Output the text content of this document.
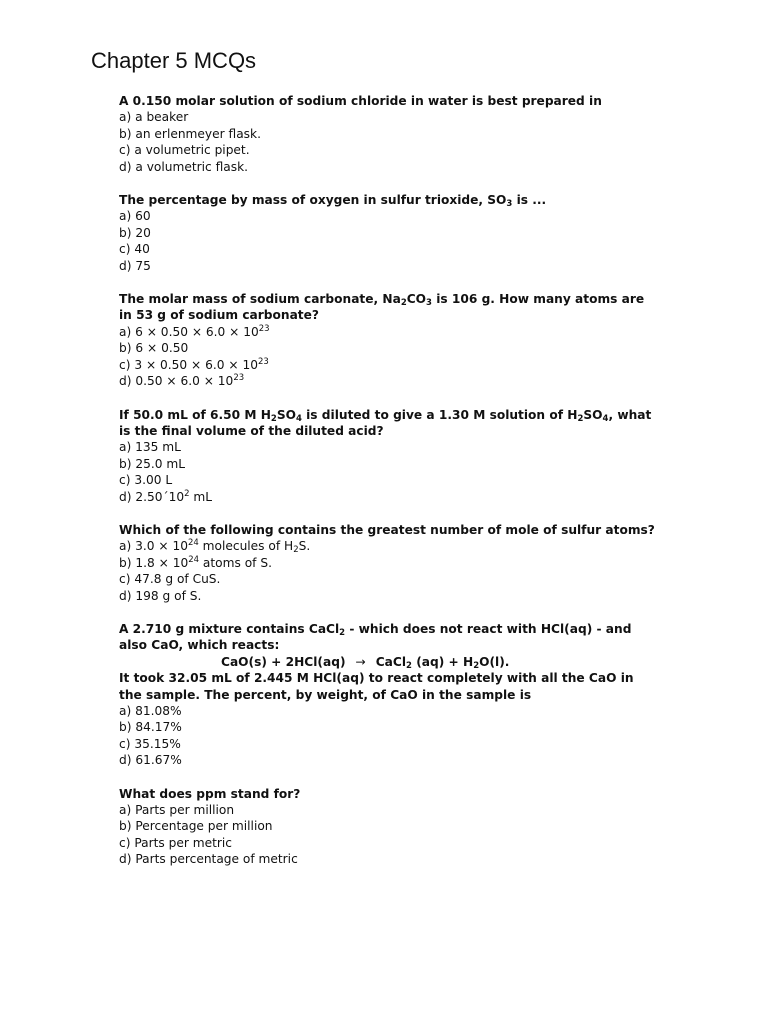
Chapter 5 MCQs
A 0.150 molar solution of sodium chloride in water is best prepared in
a) a beaker
b) an erlenmeyer flask.
c) a volumetric pipet.
d) a volumetric flask.
The percentage by mass of oxygen in sulfur trioxide, $SO_3$ is ...
a) 60
b) 20
c) 40
d) 75
The molar mass of sodium carbonate, $Na_2CO_3$ is 106 g. How many atoms are in 53 g of sodium carbonate?
a) $6 \times 0.50 \times 6.0 \times 10^{23}$
b) 6 × 0.50
c) $3 \times 0.50 \times 6.0 \times 10^{23}$
d) $0.50 \times 6.0 \times 10^{23}$
If 50.0 mL of 6.50 M $H_2SO_4$ is diluted to give a 1.30 M solution of $H_2SO_4$, what is the final volume of the diluted acid?
a) 135 mL
b) 25.0 mL
c) 3.00 L
d) $2.50´10^2$ mL
Which of the following contains the greatest number of mole of sulfur atoms?
a) $3.0 \times 10^{24}$ molecules of $H_2S$.
b) $1.8 \times 10^{24}$ atoms of S.
c) 47.8 g of CuS.
d) 198 g of S.
A 2.710 g mixture contains CaCl$_2$ - which does not react with HCl(aq) - and also CaO, which reacts:
CaO(s) + 2HCl(aq) → CaCl$_2$ $(aq) + H_2O(l)$.
It took 32.05 mL of 2.445 M HCl(aq) to react completely with all the CaO in the sample. The percent, by weight, of CaO in the sample is
a) 81.08%
b) 84.17%
c) 35.15%
d) 61.67%
What does ppm stand for?
a) Parts per million
b) Percentage per million
c) Parts per metric
d) Parts percentage of metric
